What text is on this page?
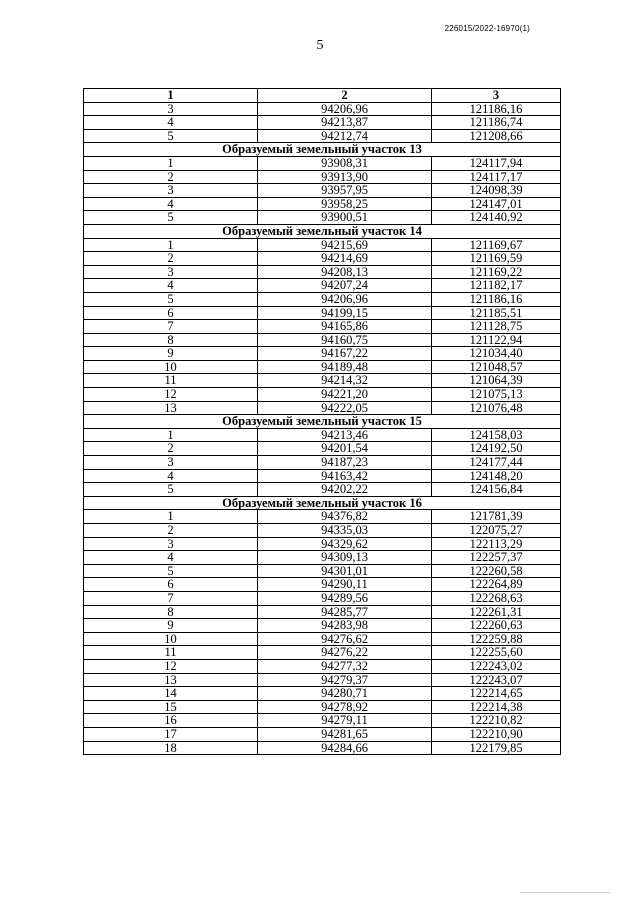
226015/2022-16970(1)
5
1	2	3
3	94206,96	121186,16
4	94213,87	121186,74
5	94212,74	121208,66
Образуемый земельный участок 13		
1	93908,31	124117,94
2	93913,90	124117,17
3	93957,95	124098,39
4	93958,25	124147,01
5	93900,51	124140,92
Образуемый земельный участок 14		
1	94215,69	121169,67
2	94214,69	121169,59
3	94208,13	121169,22
4	94207,24	121182,17
5	94206,96	121186,16
6	94199,15	121185,51
7	94165,86	121128,75
8	94160,75	121122,94
9	94167,22	121034,40
10	94189,48	121048,57
11	94214,32	121064,39
12	94221,20	121075,13
13	94222,05	121076,48
Образуемый земельный участок 15		
1	94213,46	124158,03
2	94201,54	124192,50
3	94187,23	124177,44
4	94163,42	124148,20
5	94202,22	124156,84
Образуемый земельный участок 16		
1	94376,82	121781,39
2	94335,03	122075,27
3	94329,62	122113,29
4	94309,13	122257,37
5	94301,01	122260,58
6	94290,11	122264,89
7	94289,56	122268,63
8	94285,77	122261,31
9	94283,98	122260,63
10	94276,62	122259,88
11	94276,22	122255,60
12	94277,32	122243,02
13	94279,37	122243,07
14	94280,71	122214,65
15	94278,92	122214,38
16	94279,11	122210,82
17	94281,65	122210,90
18	94284,66	122179,85
